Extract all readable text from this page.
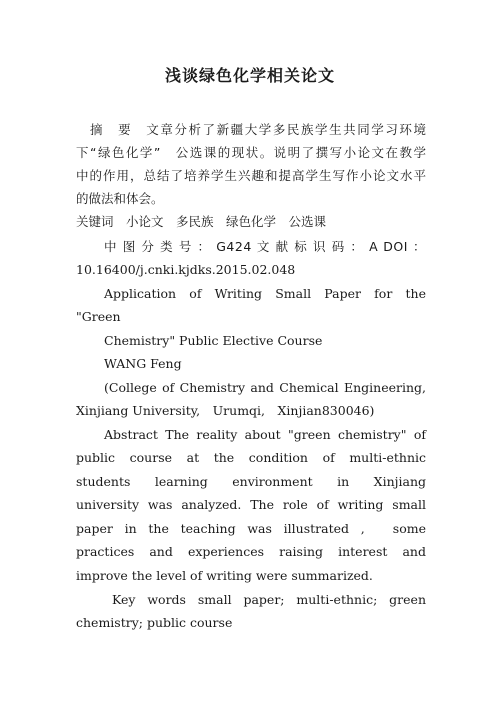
浅谈绿色化学相关论文
　摘　要　文章分析了新疆大学多民族学生共同学习环境
下“绿色化学”　公选课的现状。说明了撰写小论文在教学
中的作用，总结了培养学生兴趣和提高学生写作小论文水平
的做法和体会。
关键词　小论文　多民族　绿色化学　公选课
中 图 分 类 号 ： G424 文 献 标 识 码 ： A DOI ：
10.16400/j.cnki.kjdks.2015.02.048
Application of Writing Small Paper for the
"Green
Chemistry" Public Elective Course
WANG Feng
(College of Chemistry and Chemical Engineering,
Xinjiang University,　Urumqi,　Xinjian830046)
Abstract The reality about "green chemistry" of
public course at the condition of multi-ethnic
students learning environment in Xinjiang
university was analyzed. The role of writing small
paper in the teaching was illustrated ,　some
practices and experiences raising interest and
improve the level of writing were summarized.
Key words small paper; multi-ethnic; green
chemistry; public course
